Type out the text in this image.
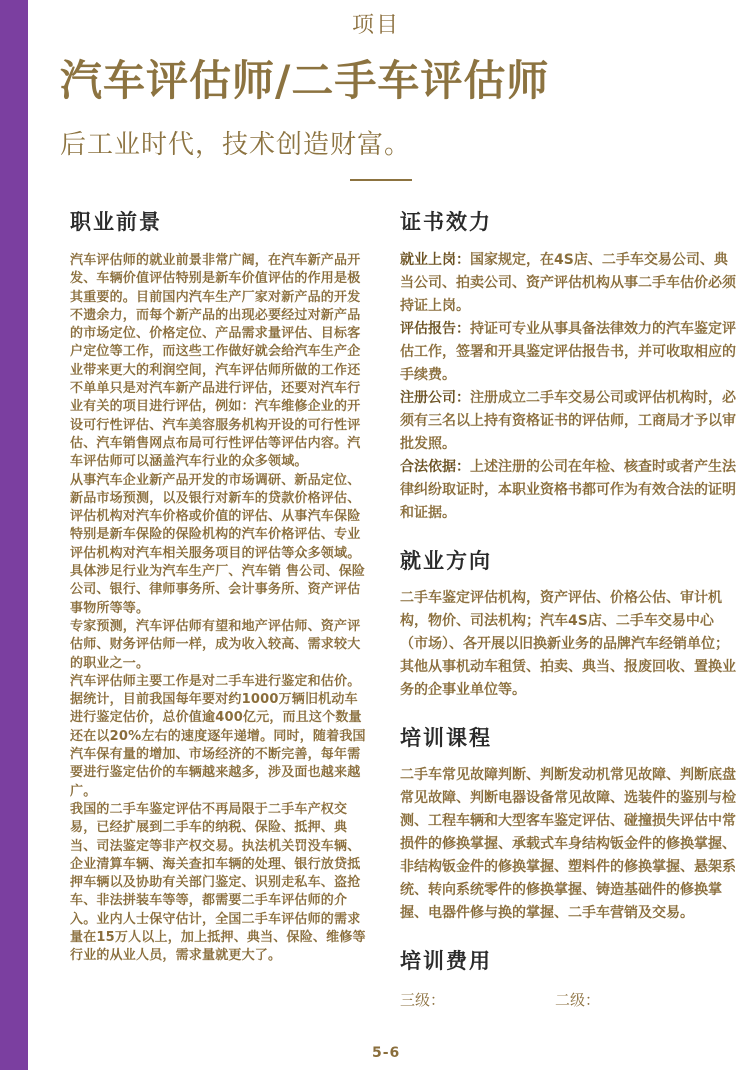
项目
汽车评估师/二手车评估师
后工业时代，技术创造财富。
职业前景

汽车评估师的就业前景非常广阔，在汽车新产品开发、车辆价值评估特别是新车价值评估的作用是极其重要的。目前国内汽车生产厂家对新产品的开发不遗余力，而每个新产品的出现必要经过对新产品的市场定位、价格定位、产品需求量评估、目标客户定位等工作，而这些工作做好就会给汽车生产企业带来更大的利润空间，汽车评估师所做的工作还不单单只是对汽车新产品进行评估，还要对汽车行业有关的项目进行评估，例如：汽车维修企业的开设可行性评估、汽车美容服务机构开设的可行性评估、汽车销售网点布局可行性评估等评估内容。汽车评估师可以涵盖汽车行业的众多领域。

从事汽车企业新产品开发的市场调研、新品定位、新品市场预测，以及银行对新车的贷款价格评估、评估机构对汽车价格或价值的评估、从事汽车保险特别是新车保险的保险机构的汽车价格评估、专业评估机构对汽车相关服务项目的评估等众多领域。具体涉足行业为汽车生产厂、汽车销 售公司、保险公司、银行、律师事务所、会计事务所、资产评估事物所等等。

专家预测，汽车评估师有望和地产评估师、资产评估师、财务评估师一样，成为收入较高、需求较大的职业之一。

汽车评估师主要工作是对二手车进行鉴定和估价。据统计，目前我国每年要对约1000万辆旧机动车进行鉴定估价，总价值逾400亿元，而且这个数量还在以20%左右的速度逐年递增。同时，随着我国汽车保有量的增加、市场经济的不断完善，每年需要进行鉴定估价的车辆越来越多，涉及面也越来越广。

我国的二手车鉴定评估不再局限于二手车产权交易，已经扩展到二手车的纳税、保险、抵押、典当、司法鉴定等非产权交易。执法机关罚没车辆、企业清算车辆、海关查扣车辆的处理、银行放贷抵押车辆以及协助有关部门鉴定、识别走私车、盗抢车、非法拼装车等等，都需要二手车评估师的介入。业内人士保守估计，全国二手车评估师的需求量在15万人以上，加上抵押、典当、保险、维修等行业的从业人员，需求量就更大了。

证书效力

就业上岗：国家规定，在4S店、二手车交易公司、典当公司、拍卖公司、资产评估机构从事二手车估价必须持证上岗。

评估报告：持证可专业从事具备法律效力的汽车鉴定评估工作，签署和开具鉴定评估报告书，并可收取相应的手续费。

注册公司：注册成立二手车交易公司或评估机构时，必须有三名以上持有资格证书的评估师，工商局才予以审批发照。

合法依据：上述注册的公司在年检、核查时或者产生法律纠纷取证时，本职业资格书都可作为有效合法的证明和证据。

就业方向
二手车鉴定评估机构，资产评估、价格公估、审计机构，物价、司法机构；汽车4S店、二手车交易中心（市场）、各开展以旧换新业务的品牌汽车经销单位；其他从事机动车租赁、拍卖、典当、报废回收、置换业务的企事业单位等。
培训课程
二手车常见故障判断、判断发动机常见故障、判断底盘常见故障、判断电器设备常见故障、选装件的鉴别与检测、工程车辆和大型客车鉴定评估、碰撞损失评估中常损件的修换掌握、承载式车身结构钣金件的修换掌握、非结构钣金件的修换掌握、塑料件的修换掌握、悬架系统、转向系统零件的修换掌握、铸造基础件的修换掌握、电器件修与换的掌握、二手车营销及交易。
培训费用
三级：	二级：
5-6
